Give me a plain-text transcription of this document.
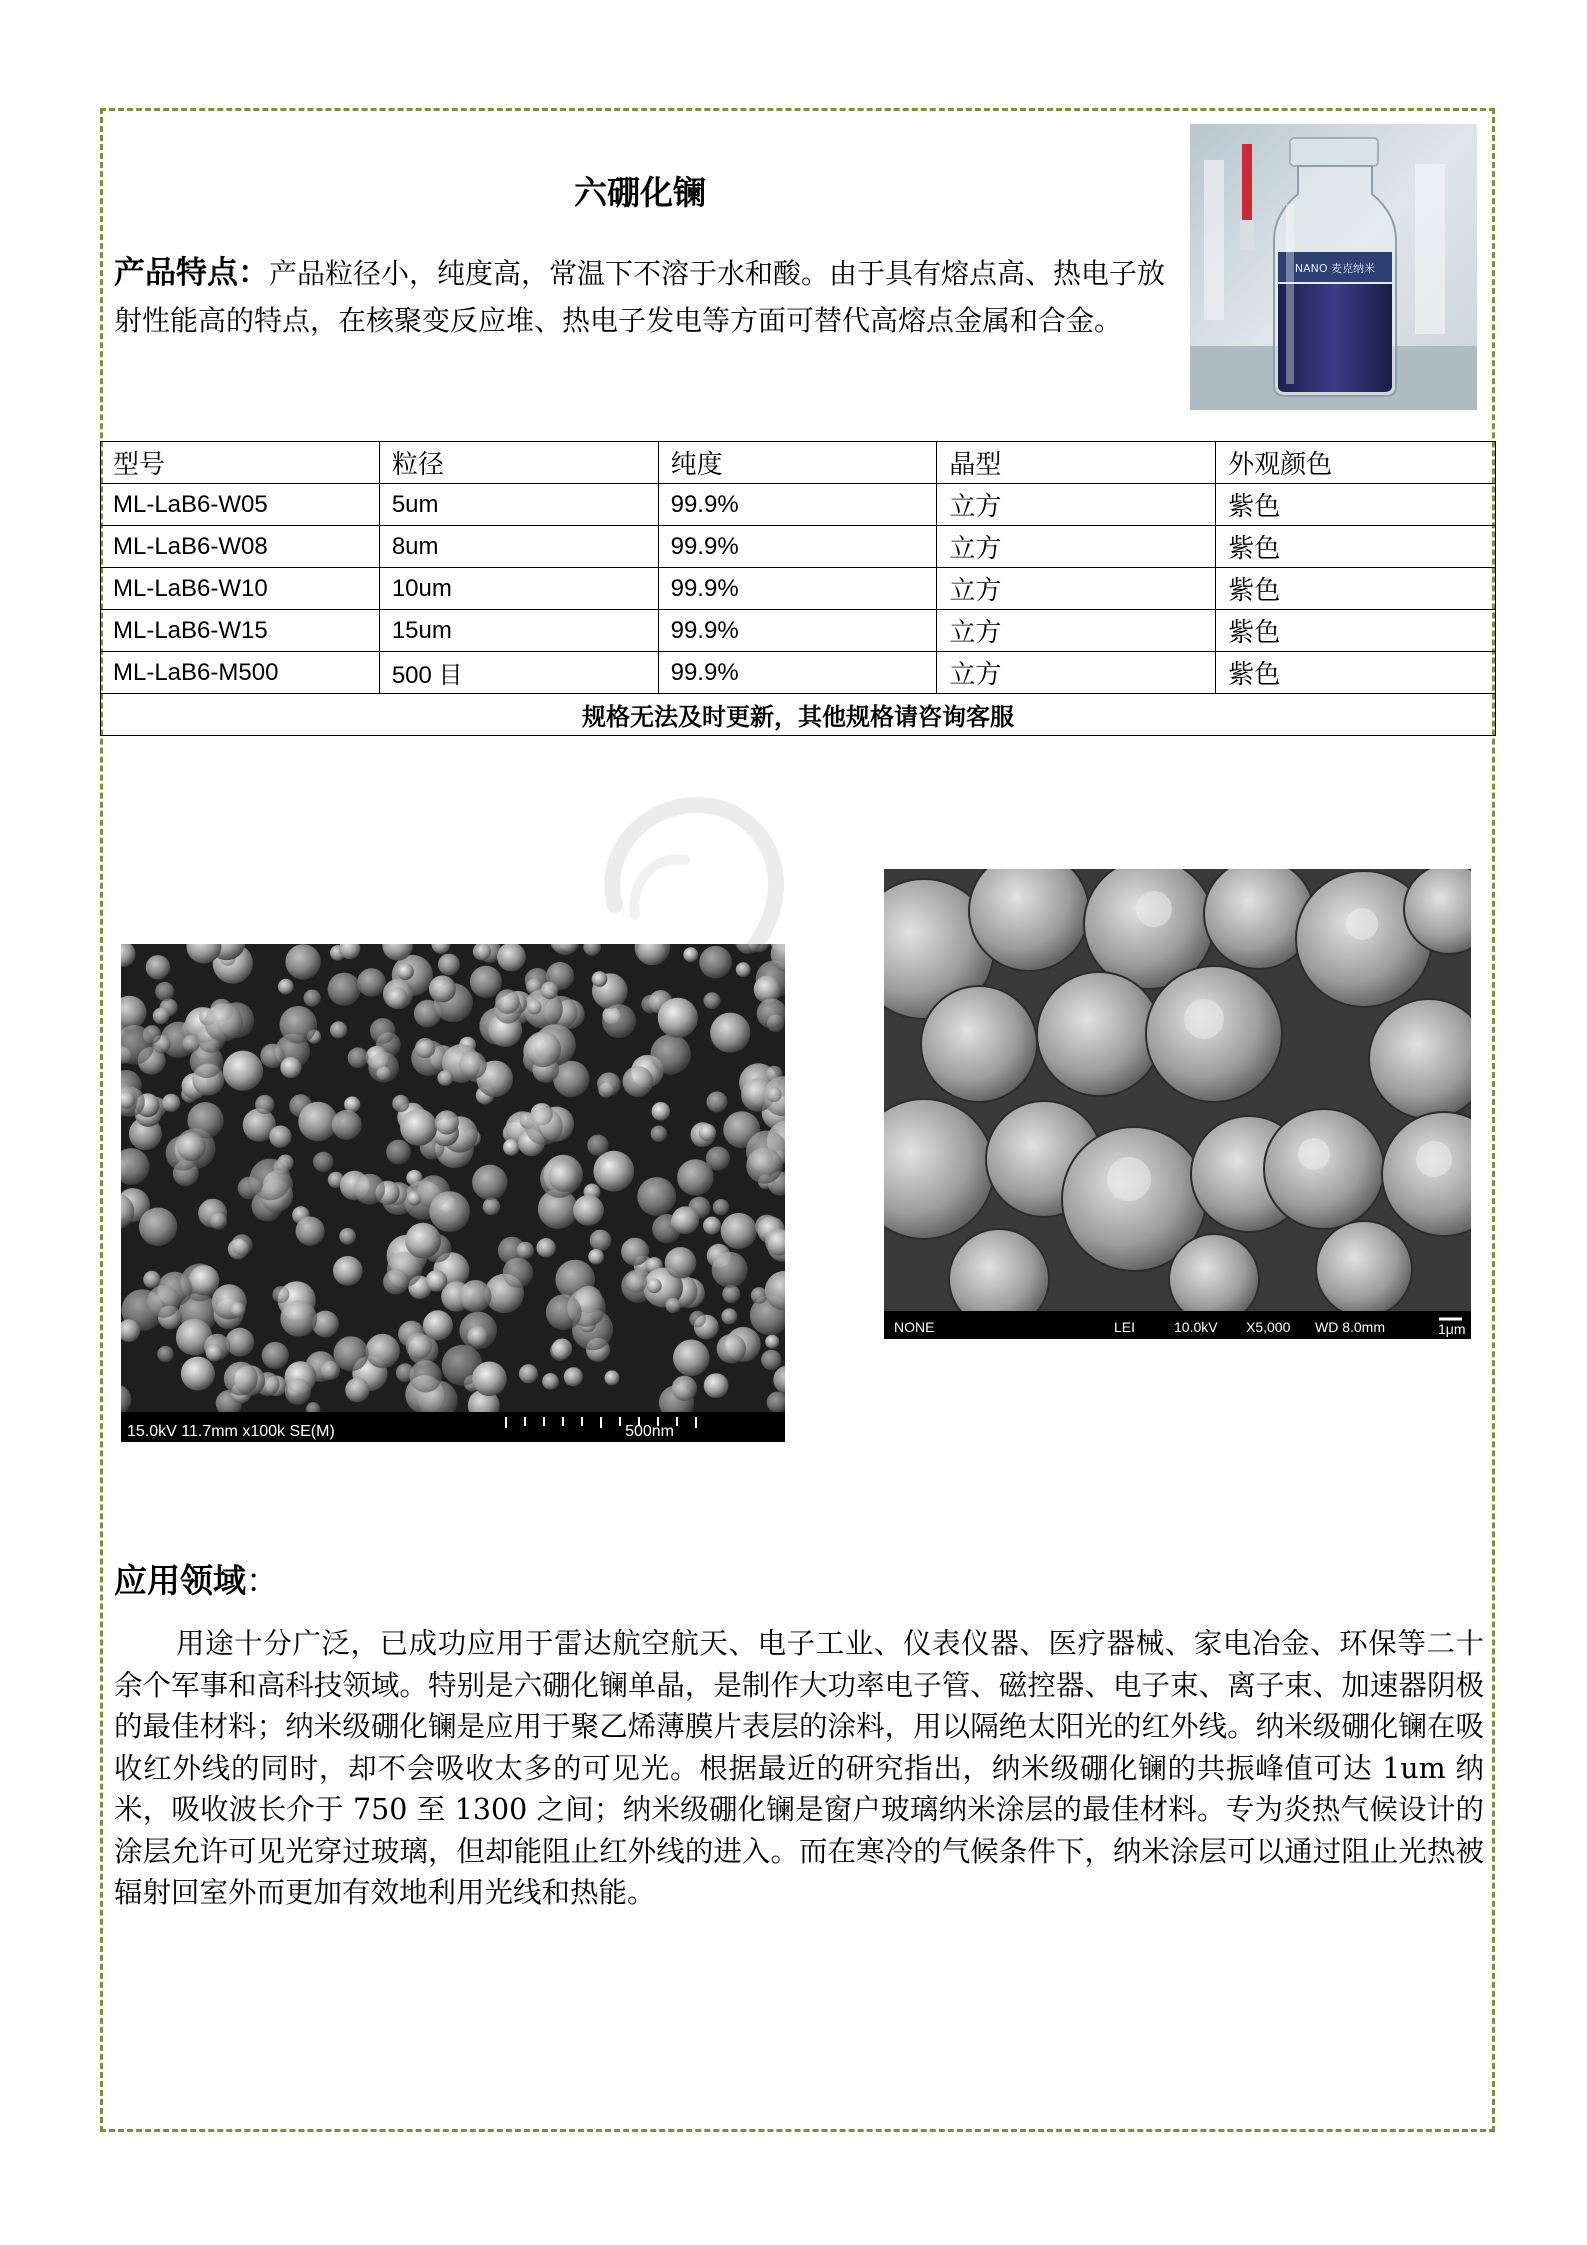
六硼化镧
产品特点：产品粒径小，纯度高，常温下不溶于水和酸。由于具有熔点高、热电子放射性能高的特点，在核聚变反应堆、热电子发电等方面可替代高熔点金属和合金。
NANO 麦克纳米
型号	粒径	纯度	晶型	外观颜色
ML-LaB6-W05	5um	99.9%	立方	紫色
ML-LaB6-W08	8um	99.9%	立方	紫色
ML-LaB6-W10	10um	99.9%	立方	紫色
ML-LaB6-W15	15um	99.9%	立方	紫色
ML-LaB6-M500	500 目	99.9%	立方	紫色
规格无法及时更新，其他规格请咨询客服				
15.0kV 11.7mm x100k SE(M)	500nm
NONE	LEI	10.0kV X5,000 WD 8.0mm	1μm
应用领域：

用途十分广泛，已成功应用于雷达航空航天、电子工业、仪表仪器、医疗器械、家电冶金、环保等二十余个军事和高科技领域。特别是六硼化镧单晶，是制作大功率电子管、磁控器、电子束、离子束、加速器阴极的最佳材料；纳米级硼化镧是应用于聚乙烯薄膜片表层的涂料，用以隔绝太阳光的红外线。纳米级硼化镧在吸收红外线的同时，却不会吸收太多的可见光。根据最近的研究指出，纳米级硼化镧的共振峰值可达 1um 纳米，吸收波长介于 750 至 1300 之间；纳米级硼化镧是窗户玻璃纳米涂层的最佳材料。专为炎热气候设计的涂层允许可见光穿过玻璃，但却能阻止红外线的进入。而在寒冷的气候条件下，纳米涂层可以通过阻止光热被辐射回室外而更加有效地利用光线和热能。
